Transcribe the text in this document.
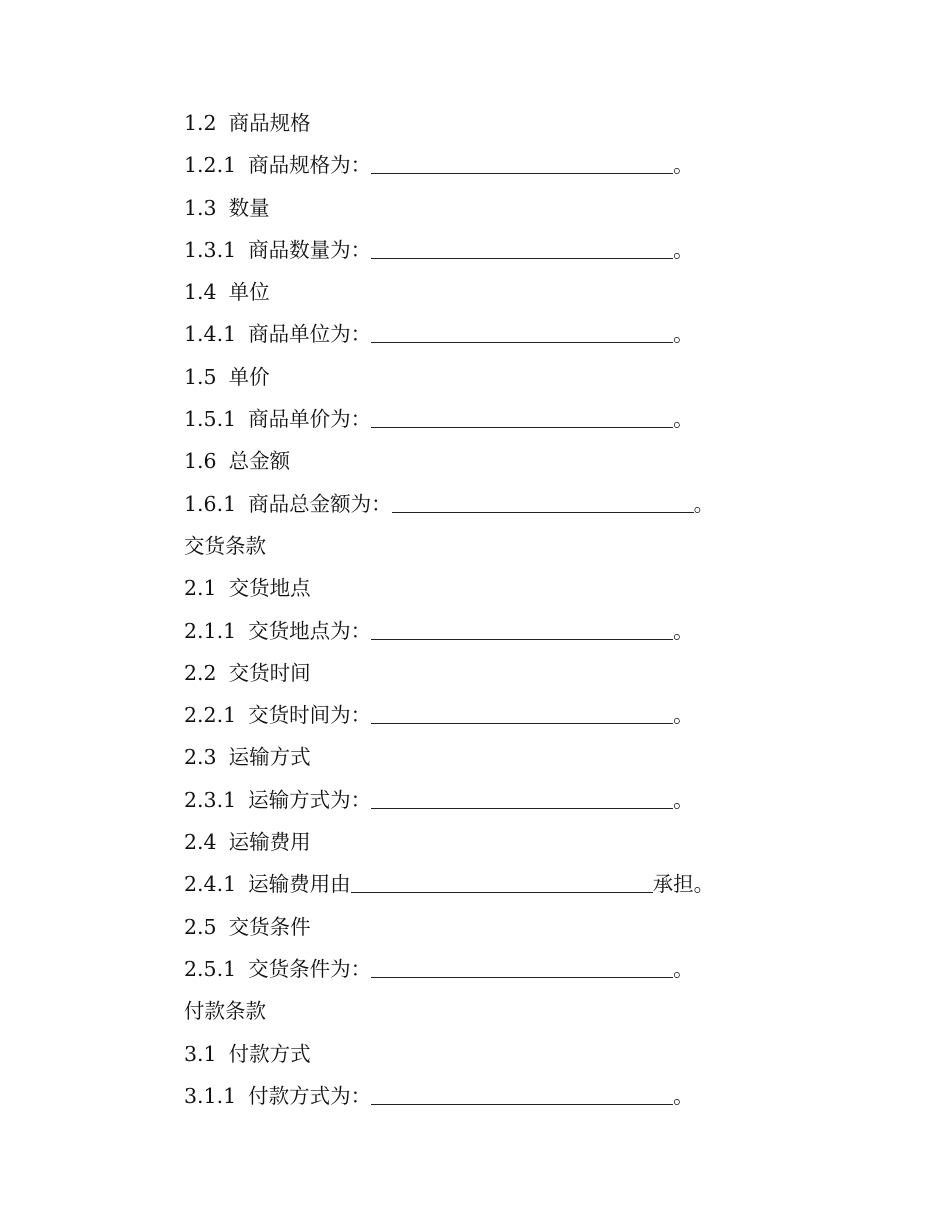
1.2 商品规格
1.2.1 商品规格为：	。
1.3 数量
1.3.1 商品数量为：	。
1.4 单位
1.4.1 商品单位为：	。
1.5 单价
1.5.1 商品单价为：	。
1.6 总金额
1.6.1 商品总金额为：	。
交货条款
2.1 交货地点
2.1.1 交货地点为：	。
2.2 交货时间
2.2.1 交货时间为：	。
2.3 运输方式
2.3.1 运输方式为：	。
2.4 运输费用
2.4.1 运输费用由	承担。
2.5 交货条件
2.5.1 交货条件为：	。
付款条款
3.1 付款方式
3.1.1 付款方式为：	。
